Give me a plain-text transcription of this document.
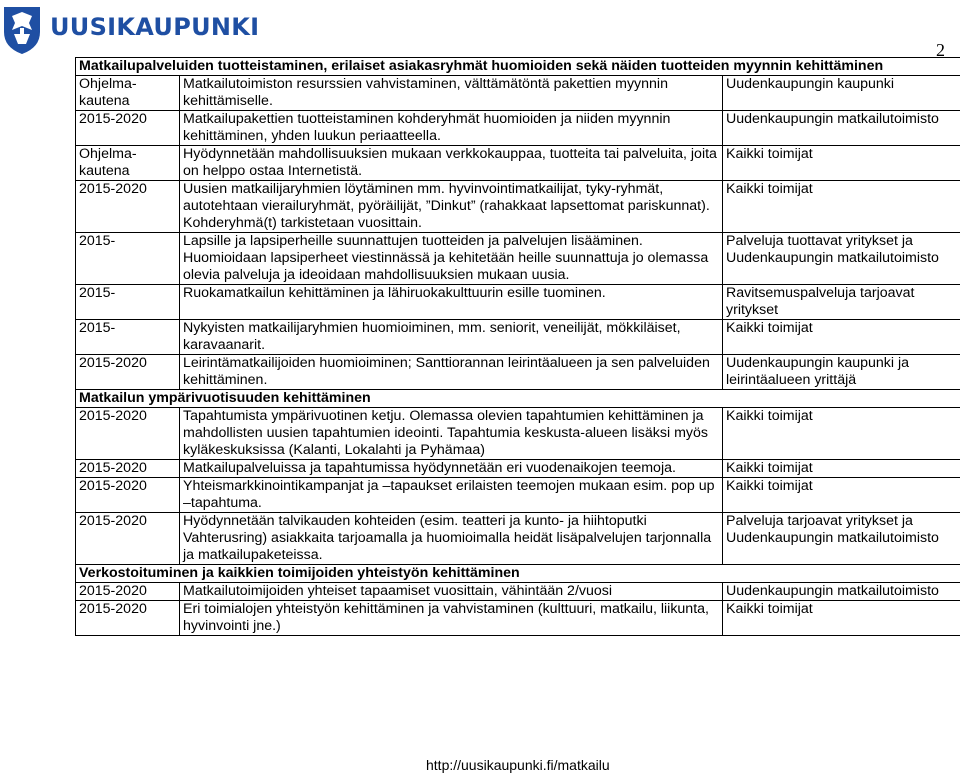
UUSIKAUPUNKI
2
Matkailupalveluiden tuotteistaminen, erilaiset asiakasryhmät huomioiden sekä näiden tuotteiden myynnin kehittäminen		
Ohjelma-kautena	Matkailutoimiston resurssien vahvistaminen, välttämätöntä pakettien myynnin kehittämiselle.	Uudenkaupungin kaupunki
2015-2020	Matkailupakettien tuotteistaminen kohderyhmät huomioiden ja niiden myynnin kehittäminen, yhden luukun periaatteella.	Uudenkaupungin matkailutoimisto
Ohjelma-kautena	Hyödynnetään mahdollisuuksien mukaan verkkokauppaa, tuotteita tai palveluita, joita on helppo ostaa Internetistä.	Kaikki toimijat
2015-2020	Uusien matkailijaryhmien löytäminen mm. hyvinvointimatkailijat, tyky-ryhmät, autotehtaan vierailuryhmät, pyöräilijät, ”Dinkut” (rahakkaat lapsettomat pariskunnat). Kohderyhmä(t) tarkistetaan vuosittain.	Kaikki toimijat
2015-	Lapsille ja lapsiperheille suunnattujen tuotteiden ja palvelujen lisääminen. Huomioidaan lapsiperheet viestinnässä ja kehitetään heille suunnattuja jo olemassa olevia palveluja ja ideoidaan mahdollisuuksien mukaan uusia.	Palveluja tuottavat yritykset ja Uudenkaupungin matkailutoimisto
2015-	Ruokamatkailun kehittäminen ja lähiruokakulttuurin esille tuominen.	Ravitsemuspalveluja tarjoavat yritykset
2015-	Nykyisten matkailijaryhmien huomioiminen, mm. seniorit, veneilijät, mökkiläiset, karavaanarit.	Kaikki toimijat
2015-2020	Leirintämatkailijoiden huomioiminen; Santtiorannan leirintäalueen ja sen palveluiden kehittäminen.	Uudenkaupungin kaupunki ja leirintäalueen yrittäjä
Matkailun ympärivuotisuuden kehittäminen		
2015-2020	Tapahtumista ympärivuotinen ketju. Olemassa olevien tapahtumien kehittäminen ja mahdollisten uusien tapahtumien ideointi. Tapahtumia keskusta-alueen lisäksi myös kyläkeskuksissa (Kalanti, Lokalahti ja Pyhämaa)	Kaikki toimijat
2015-2020	Matkailupalveluissa ja tapahtumissa hyödynnetään eri vuodenaikojen teemoja.	Kaikki toimijat
2015-2020	Yhteismarkkinointikampanjat ja –tapaukset erilaisten teemojen mukaan esim. pop up –tapahtuma.	Kaikki toimijat
2015-2020	Hyödynnetään talvikauden kohteiden (esim. teatteri ja kunto- ja hiihtoputki Vahterusring) asiakkaita tarjoamalla ja huomioimalla heidät lisäpalvelujen tarjonnalla ja matkailupaketeissa.	Palveluja tarjoavat yritykset ja Uudenkaupungin matkailutoimisto
Verkostoituminen ja kaikkien toimijoiden yhteistyön kehittäminen		
2015-2020	Matkailutoimijoiden yhteiset tapaamiset vuosittain, vähintään 2/vuosi	Uudenkaupungin matkailutoimisto
2015-2020	Eri toimialojen yhteistyön kehittäminen ja vahvistaminen (kulttuuri, matkailu, liikunta, hyvinvointi jne.)	Kaikki toimijat
http://uusikaupunki.fi/matkailu
